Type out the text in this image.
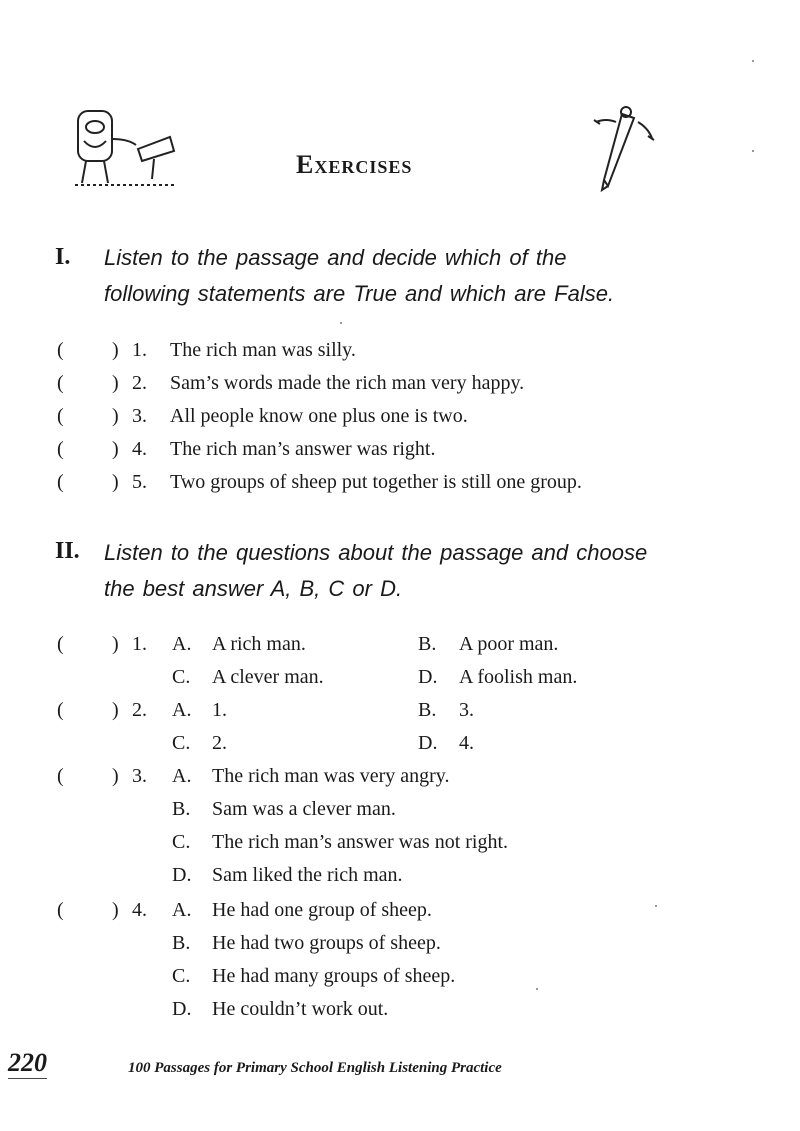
Exercises
I. Listen to the passage and decide which of the
following statements are True and which are False.
( ) 1. The rich man was silly.
( ) 2. Sam’s words made the rich man very happy.
( ) 3. All people know one plus one is two.
( ) 4. The rich man’s answer was right.
( ) 5. Two groups of sheep put together is still one group.
II. Listen to the questions about the passage and choose
the best answer A, B, C or D.
( ) 1. A. A rich man.	B. A poor man.
C. A clever man.	D. A foolish man.
( ) 2. A. 1.	B. 3.
C. 2.	D. 4.
( ) 3. A. The rich man was very angry.
B. Sam was a clever man.
C. The rich man’s answer was not right.
D. Sam liked the rich man.
( ) 4. A. He had one group of sheep.
B. He had two groups of sheep.
C. He had many groups of sheep.
D. He couldn’t work out.
220	100 Passages for Primary School English Listening Practice
